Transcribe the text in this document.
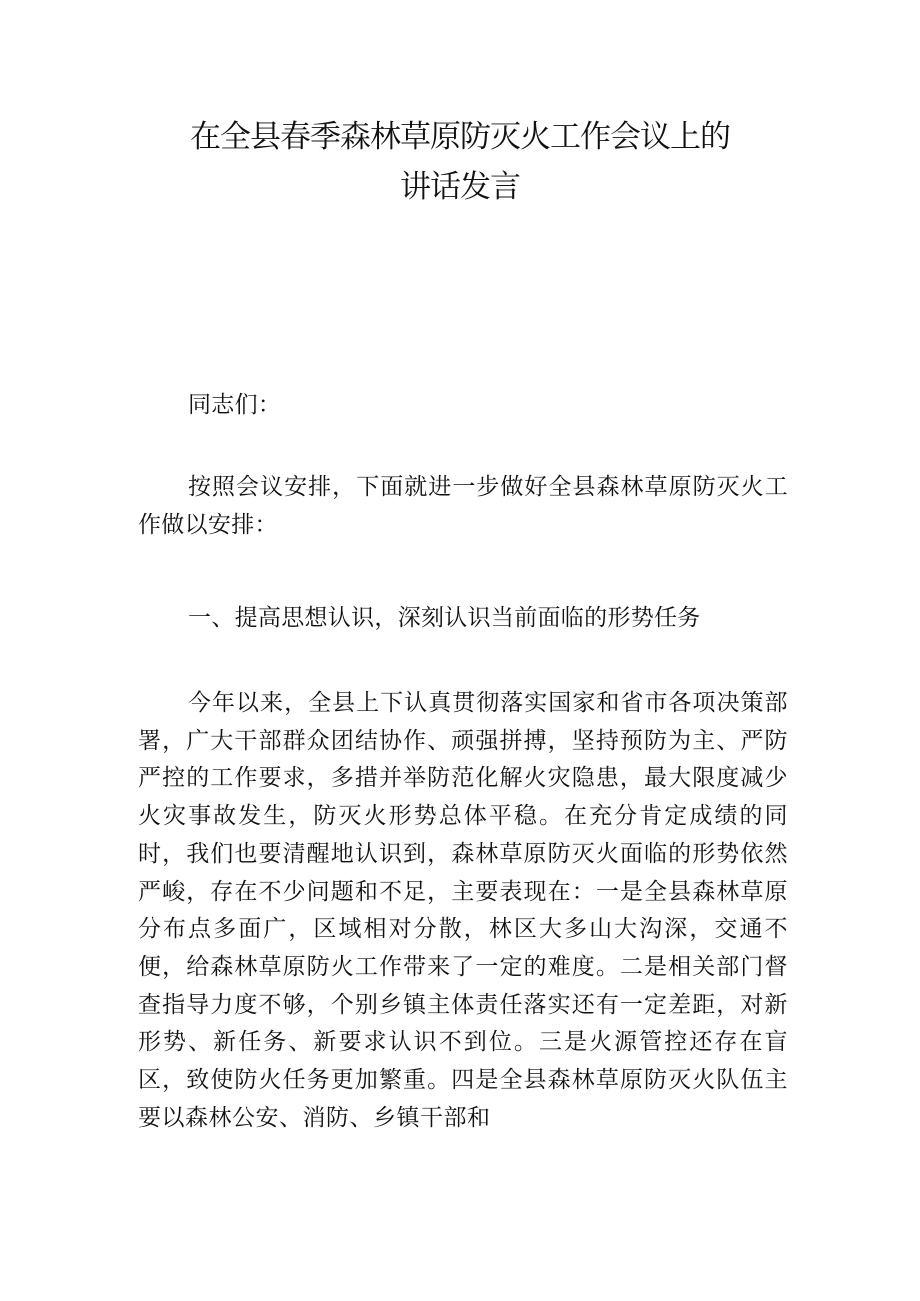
在全县春季森林草原防灭火工作会议上的
讲话发言
同志们：
按照会议安排，下面就进一步做好全县森林草原防灭火工作做以安排：
一、提高思想认识，深刻认识当前面临的形势任务
今年以来，全县上下认真贯彻落实国家和省市各项决策部署，广大干部群众团结协作、顽强拼搏，坚持预防为主、严防严控的工作要求，多措并举防范化解火灾隐患，最大限度减少火灾事故发生，防灭火形势总体平稳。在充分肯定成绩的同时，我们也要清醒地认识到，森林草原防灭火面临的形势依然严峻，存在不少问题和不足，主要表现在：一是全县森林草原分布点多面广，区域相对分散，林区大多山大沟深，交通不便，给森林草原防火工作带来了一定的难度。二是相关部门督查指导力度不够，个别乡镇主体责任落实还有一定差距，对新形势、新任务、新要求认识不到位。三是火源管控还存在盲区，致使防火任务更加繁重。四是全县森林草原防灭火队伍主要以森林公安、消防、乡镇干部和
